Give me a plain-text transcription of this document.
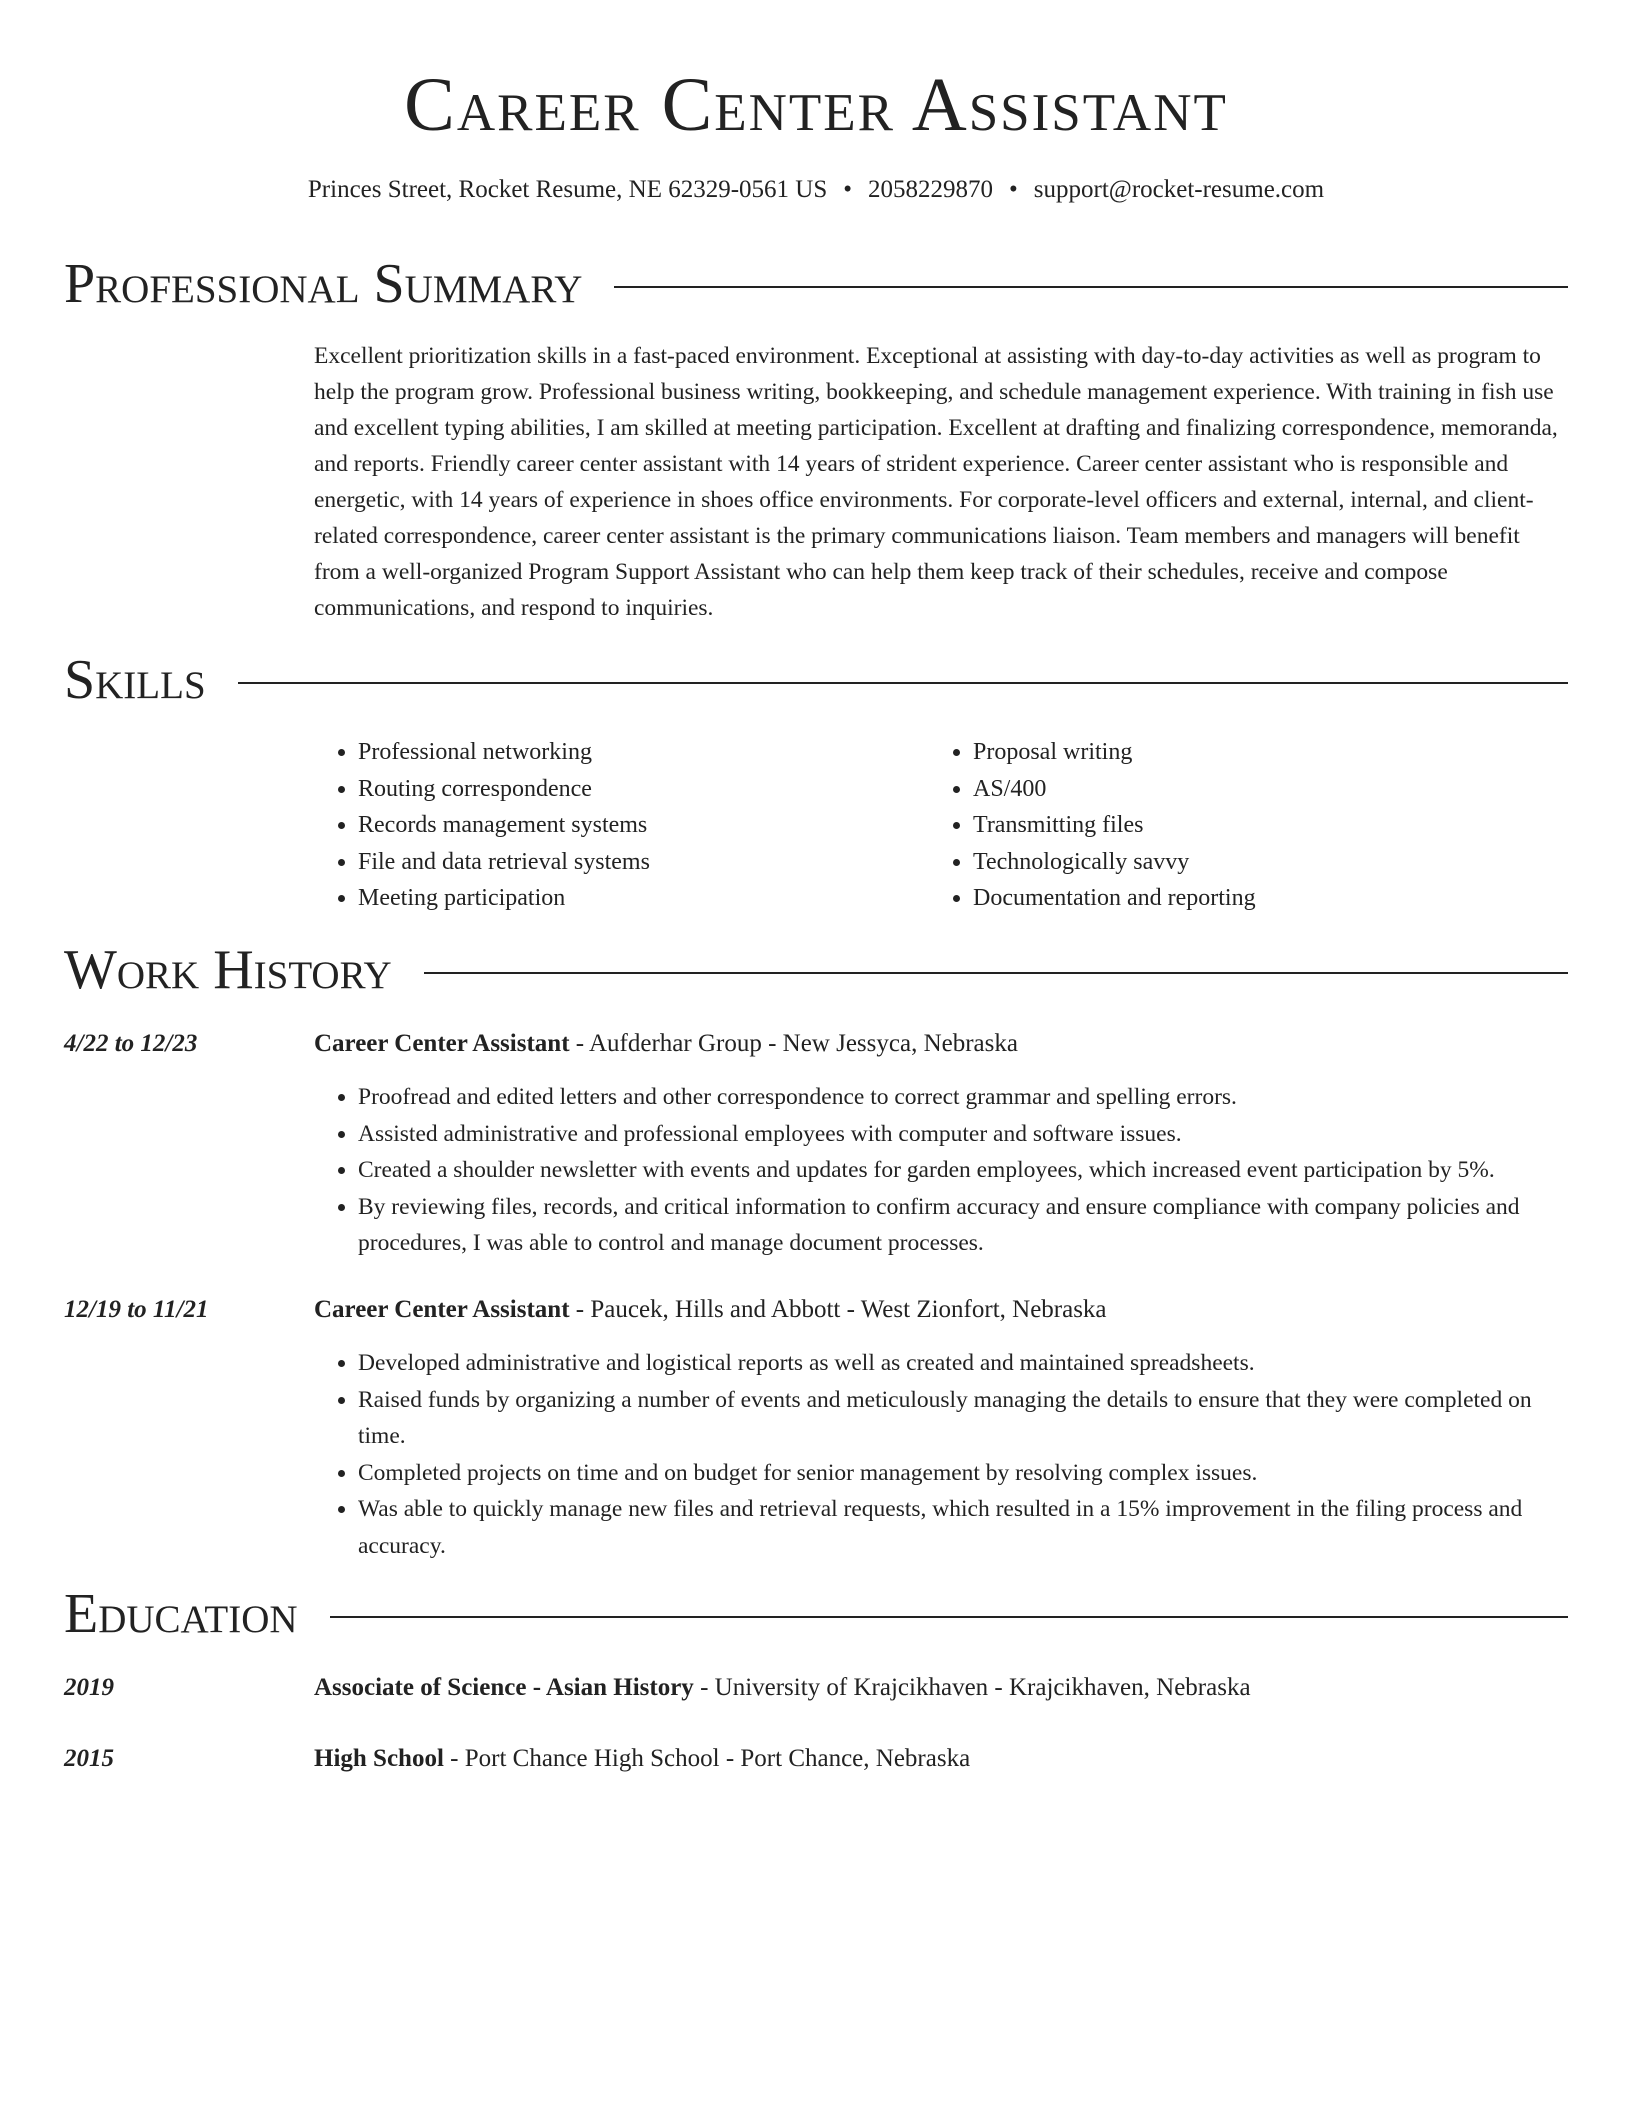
Career Center Assistant
Princes Street, Rocket Resume, NE 62329-0561 US • 2058229870 • support@rocket-resume.com
Professional Summary

Excellent prioritization skills in a fast-paced environment. Exceptional at assisting with day-to-day activities as well as program to help the program grow. Professional business writing, bookkeeping, and schedule management experience. With training in fish use and excellent typing abilities, I am skilled at meeting participation. Excellent at drafting and finalizing correspondence, memoranda, and reports. Friendly career center assistant with 14 years of strident experience. Career center assistant who is responsible and energetic, with 14 years of experience in shoes office environments. For corporate-level officers and external, internal, and client-related correspondence, career center assistant is the primary communications liaison. Team members and managers will benefit from a well-organized Program Support Assistant who can help them keep track of their schedules, receive and compose communications, and respond to inquiries.

Skills
• Professional networking
• Routing correspondence
• Records management systems
• File and data retrieval systems
• Meeting participation
• Proposal writing
• AS/400
• Transmitting files
• Technologically savvy
• Documentation and reporting
Work History
4/22 to 12/23	Career Center Assistant - Aufderhar Group - New Jessyca, Nebraska
• Proofread and edited letters and other correspondence to correct grammar and spelling errors.
• Assisted administrative and professional employees with computer and software issues.
• Created a shoulder newsletter with events and updates for garden employees, which increased event participation by 5%.
• By reviewing files, records, and critical information to confirm accuracy and ensure compliance with company policies and procedures, I was able to control and manage document processes.
12/19 to 11/21	Career Center Assistant - Paucek, Hills and Abbott - West Zionfort, Nebraska
• Developed administrative and logistical reports as well as created and maintained spreadsheets.
• Raised funds by organizing a number of events and meticulously managing the details to ensure that they were completed on time.
• Completed projects on time and on budget for senior management by resolving complex issues.
• Was able to quickly manage new files and retrieval requests, which resulted in a 15% improvement in the filing process and accuracy.
Education
2019	Associate of Science - Asian History - University of Krajcikhaven - Krajcikhaven, Nebraska
2015	High School - Port Chance High School - Port Chance, Nebraska
